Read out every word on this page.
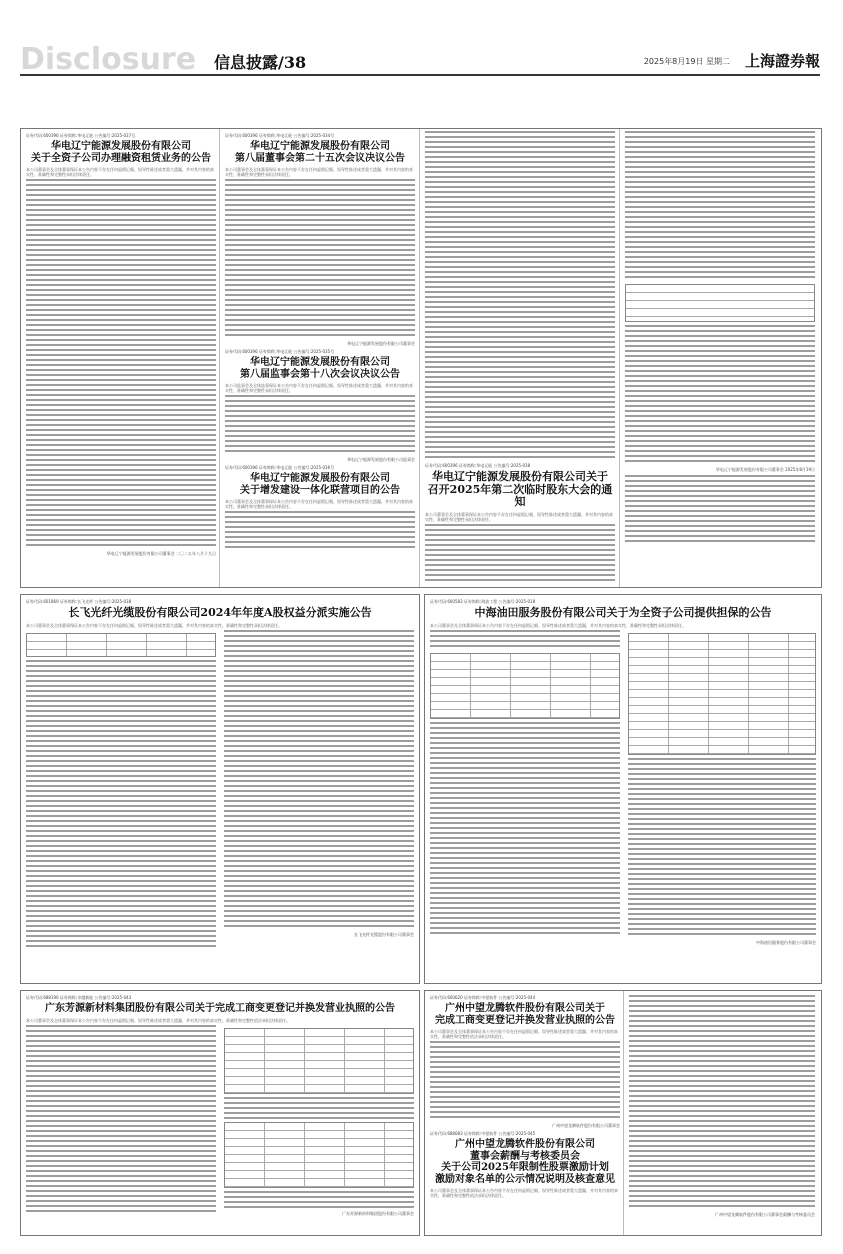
Disclosure 信息披露/38	2025年8月19日 星期二 上海證券報
证券代码:600396 证券简称:华电辽能 公告编号:2025-037号
华电辽宁能源发展股份有限公司
关于全资子公司办理融资租赁业务的公告
本公司董事会及全体董事保证本公告内容不存在任何虚假记载、误导性陈述或者重大遗漏，并对其内容的真实性、准确性和完整性承担法律责任。
华电辽宁能源发展股份有限公司董事会 二〇二五年八月十九日
证券代码:600396 证券简称:华电辽能 公告编号:2025-034号
华电辽宁能源发展股份有限公司
第八届董事会第二十五次会议决议公告
本公司董事会及全体董事保证本公告内容不存在任何虚假记载、误导性陈述或者重大遗漏，并对其内容的真实性、准确性和完整性承担法律责任。
华电辽宁能源发展股份有限公司董事会
证券代码:600396 证券简称:华电辽能 公告编号:2025-035号
华电辽宁能源发展股份有限公司
第八届监事会第十八次会议决议公告
本公司监事会及全体监事保证本公告内容不存在任何虚假记载、误导性陈述或者重大遗漏，并对其内容的真实性、准确性和完整性承担法律责任。
华电辽宁能源发展股份有限公司监事会
证券代码:600396 证券简称:华电辽能 公告编号:2025-036号
华电辽宁能源发展股份有限公司
关于增发建设一体化联营项目的公告
本公司董事会及全体董事保证本公告内容不存在任何虚假记载、误导性陈述或者重大遗漏，并对其内容的真实性、准确性和完整性承担法律责任。
证券代码:600396 证券简称:华电辽能 公告编号:2025-038
华电辽宁能源发展股份有限公司关于
召开2025年第二次临时股东大会的通知
本公司董事会及全体董事保证本公告内容不存在任何虚假记载、误导性陈述或者重大遗漏，并对其内容的真实性、准确性和完整性承担法律责任。
华电辽宁能源发展股份有限公司董事会 2025年8月19日
证券代码:601869 证券简称:长飞光纤 公告编号:2025-038
长飞光纤光缆股份有限公司2024年年度A股权益分派实施公告
本公司董事会及全体董事保证本公告内容不存在任何虚假记载、误导性陈述或者重大遗漏，并对其内容的真实性、准确性和完整性承担法律责任。
长飞光纤光缆股份有限公司董事会
证券代码:600583 证券简称:海油工程 公告编号:2025-018
中海油田服务股份有限公司关于为全资子公司提供担保的公告
本公司董事会及全体董事保证本公告内容不存在任何虚假记载、误导性陈述或者重大遗漏，并对其内容的真实性、准确性和完整性承担法律责任。
中海油田服务股份有限公司董事会
证券代码:688196 证券简称:卓越新能 公告编号:2025-043
广东芳源新材料集团股份有限公司关于完成工商变更登记并换发营业执照的公告
本公司董事会及全体董事保证本公告内容不存在任何虚假记载、误导性陈述或者重大遗漏，并对其内容的真实性、准确性和完整性依法承担法律责任。
广东芳源新材料集团股份有限公司董事会
证券代码:600620 证券简称:中望软件 公告编号:2025-044
广州中望龙腾软件股份有限公司关于
完成工商变更登记并换发营业执照的公告
本公司董事会及全体董事保证本公告内容不存在任何虚假记载、误导性陈述或者重大遗漏，并对其内容的真实性、准确性和完整性依法承担法律责任。
广州中望龙腾软件股份有限公司董事会
证券代码:688083 证券简称:中望软件 公告编号:2025-045
广州中望龙腾软件股份有限公司
董事会薪酬与考核委员会
关于公司2025年限制性股票激励计划
激励对象名单的公示情况说明及核查意见
本公司董事会及全体董事保证本公告内容不存在任何虚假记载、误导性陈述或者重大遗漏，并对其内容的真实性、准确性和完整性依法承担法律责任。
广州中望龙腾软件股份有限公司董事会薪酬与考核委员会
